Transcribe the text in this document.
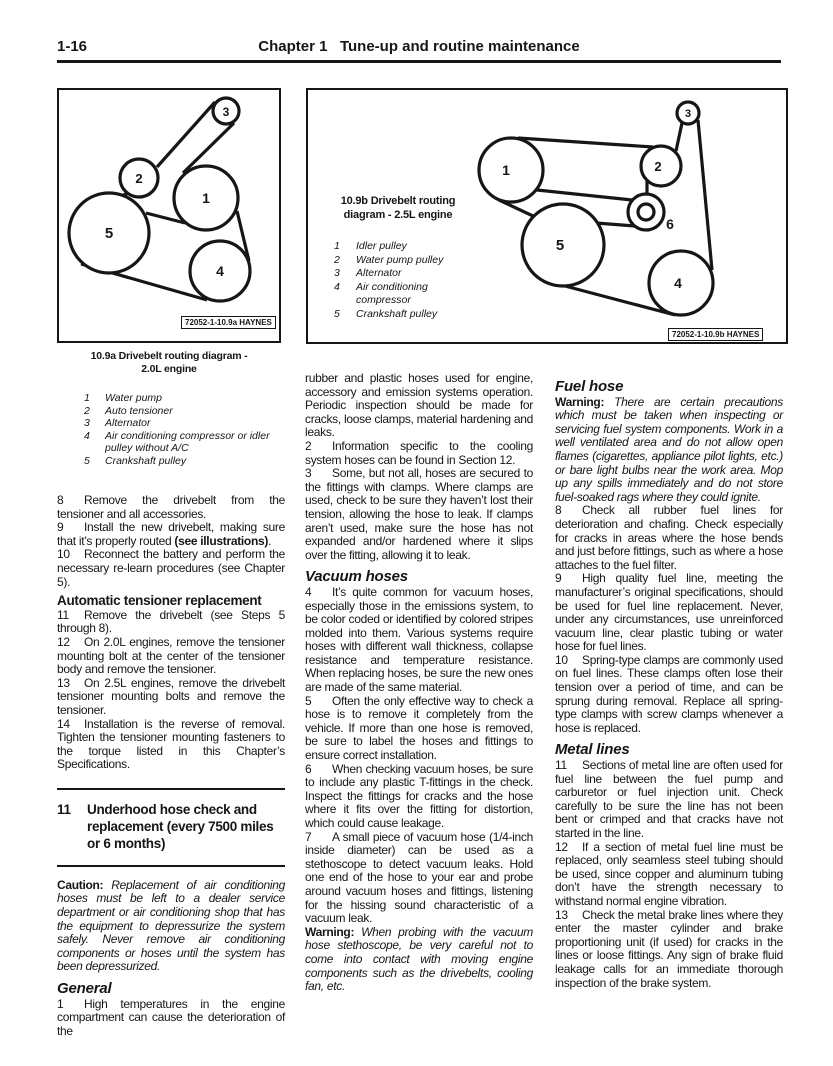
1-16	Chapter 1   Tune-up and routine maintenance
1
2
3
4
5
72052-1-10.9a HAYNES
10.9a Drivebelt routing diagram -
2.0L engine
1	Water pump
2	Auto tensioner
3	Alternator
4	Air conditioning compressor or idler pulley without A/C
5	Crankshaft pulley
1	2
3
4
5
6
10.9b Drivebelt routing
diagram - 2.5L engine
1	Idler pulley
2	Water pump pulley
3	Alternator
4	Air conditioning compressor
5	Crankshaft pulley
72052-1-10.9b HAYNES

8 Remove the drivebelt from the tensioner and all accessories.

9 Install the new drivebelt, making sure that it’s properly routed (see illustrations).

10 Reconnect the battery and perform the necessary re-learn procedures (see Chapter 5).

Automatic tensioner replacement

11 Remove the drivebelt (see Steps 5 through 8).

12 On 2.0L engines, remove the tensioner mounting bolt at the center of the tensioner body and remove the tensioner.

13 On 2.5L engines, remove the drivebelt tensioner mounting bolts and remove the tensioner.

14 Installation is the reverse of removal. Tighten the tensioner mounting fasteners to the torque listed in this Chapter’s Specifications.

11	Underhood hose check and replacement (every 7500 miles or 6 months)

Caution: Replacement of air conditioning hoses must be left to a dealer service department or air conditioning shop that has the equipment to depressurize the system safely. Never remove air conditioning components or hoses until the system has been depressurized.

General

1 High temperatures in the engine compartment can cause the deterioration of the

rubber and plastic hoses used for engine, accessory and emission systems operation. Periodic inspection should be made for cracks, loose clamps, material hardening and leaks.

2 Information specific to the cooling system hoses can be found in Section 12.

3 Some, but not all, hoses are secured to the fittings with clamps. Where clamps are used, check to be sure they haven’t lost their tension, allowing the hose to leak. If clamps aren’t used, make sure the hose has not expanded and/or hardened where it slips over the fitting, allowing it to leak.

Vacuum hoses

4 It’s quite common for vacuum hoses, especially those in the emissions system, to be color coded or identified by colored stripes molded into them. Various systems require hoses with different wall thickness, collapse resistance and temperature resistance. When replacing hoses, be sure the new ones are made of the same material.

5 Often the only effective way to check a hose is to remove it completely from the vehicle. If more than one hose is removed, be sure to label the hoses and fittings to ensure correct installation.

6 When checking vacuum hoses, be sure to include any plastic T-fittings in the check. Inspect the fittings for cracks and the hose where it fits over the fitting for distortion, which could cause leakage.

7 A small piece of vacuum hose (1/4-inch inside diameter) can be used as a stethoscope to detect vacuum leaks. Hold one end of the hose to your ear and probe around vacuum hoses and fittings, listening for the hissing sound characteristic of a vacuum leak.

Warning: When probing with the vacuum hose stethoscope, be very careful not to come into contact with moving engine components such as the drivebelts, cooling fan, etc.

Fuel hose

Warning: There are certain precautions which must be taken when inspecting or servicing fuel system components. Work in a well ventilated area and do not allow open flames (cigarettes, appliance pilot lights, etc.) or bare light bulbs near the work area. Mop up any spills immediately and do not store fuel-soaked rags where they could ignite.

8 Check all rubber fuel lines for deterioration and chafing. Check especially for cracks in areas where the hose bends and just before fittings, such as where a hose attaches to the fuel filter.

9 High quality fuel line, meeting the manufacturer’s original specifications, should be used for fuel line replacement. Never, under any circumstances, use unreinforced vacuum line, clear plastic tubing or water hose for fuel lines.

10 Spring-type clamps are commonly used on fuel lines. These clamps often lose their tension over a period of time, and can be sprung during removal. Replace all spring-type clamps with screw clamps whenever a hose is replaced.

Metal lines

11 Sections of metal line are often used for fuel line between the fuel pump and carburetor or fuel injection unit. Check carefully to be sure the line has not been bent or crimped and that cracks have not started in the line.

12 If a section of metal fuel line must be replaced, only seamless steel tubing should be used, since copper and aluminum tubing don’t have the strength necessary to withstand normal engine vibration.

13 Check the metal brake lines where they enter the master cylinder and brake proportioning unit (if used) for cracks in the lines or loose fittings. Any sign of brake fluid leakage calls for an immediate thorough inspection of the brake system.
